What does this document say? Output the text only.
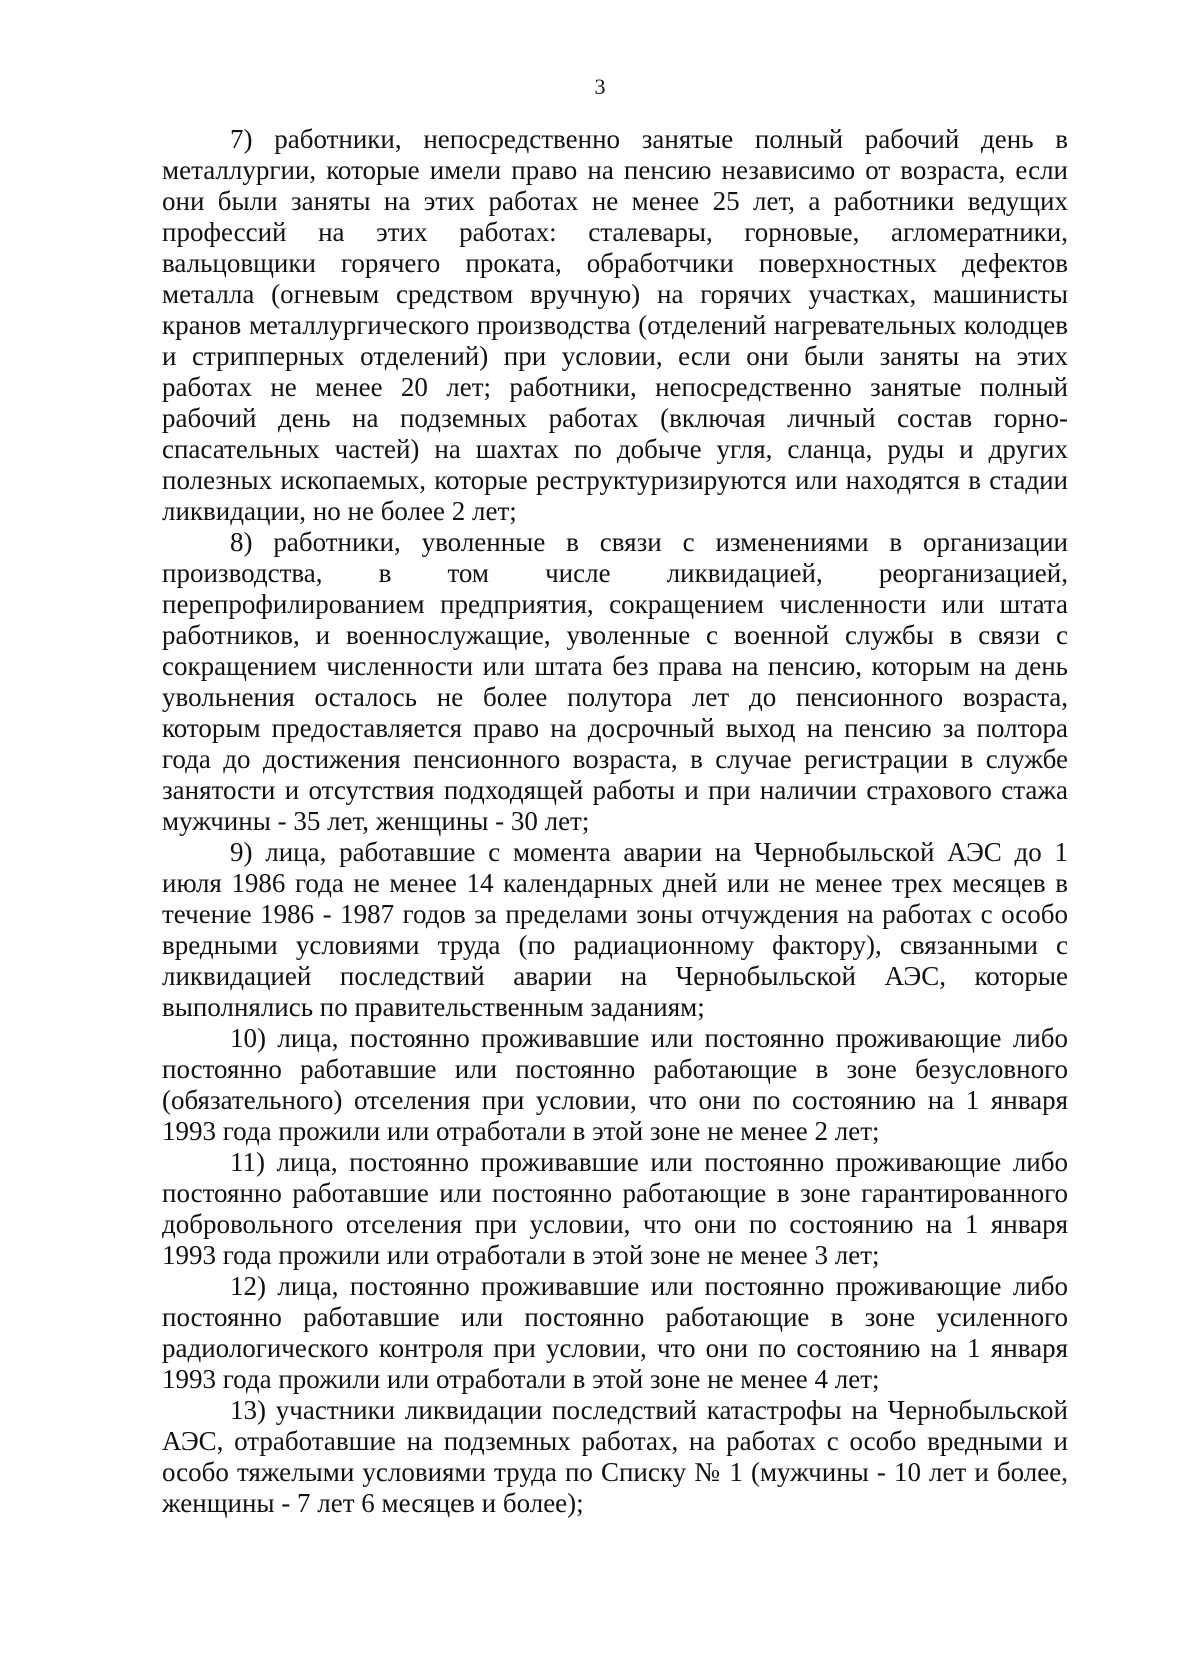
3

7) работники, непосредственно занятые полный рабочий день в металлургии, которые имели право на пенсию независимо от возраста, если они были заняты на этих работах не менее 25 лет, а работники ведущих профессий на этих работах: сталевары, горновые, агломератники, вальцовщики горячего проката, обработчики поверхностных дефектов металла (огневым средством вручную) на горячих участках, машинисты кранов металлургического производства (отделений нагревательных колодцев и стрипперных отделений) при условии, если они были заняты на этих работах не менее 20 лет; работники, непосредственно занятые полный рабочий день на подземных работах (включая личный состав горно-спасательных частей) на шахтах по добыче угля, сланца, руды и других полезных ископаемых, которые реструктуризируются или находятся в стадии ликвидации, но не более 2 лет;

8) работники, уволенные в связи с изменениями в организации производства, в том числе ликвидацией, реорганизацией, перепрофилированием предприятия, сокращением численности или штата работников, и военнослужащие, уволенные с военной службы в связи с сокращением численности или штата без права на пенсию, которым на день увольнения осталось не более полутора лет до пенсионного возраста, которым предоставляется право на досрочный выход на пенсию за полтора года до достижения пенсионного возраста, в случае регистрации в службе занятости и отсутствия подходящей работы и при наличии страхового стажа мужчины - 35 лет, женщины - 30 лет;

9) лица, работавшие с момента аварии на Чернобыльской АЭС до 1 июля 1986 года не менее 14 календарных дней или не менее трех месяцев в течение 1986 - 1987 годов за пределами зоны отчуждения на работах с особо вредными условиями труда (по радиационному фактору), связанными с ликвидацией последствий аварии на Чернобыльской АЭС, которые выполнялись по правительственным заданиям;

10) лица, постоянно проживавшие или постоянно проживающие либо постоянно работавшие или постоянно работающие в зоне безусловного (обязательного) отселения при условии, что они по состоянию на 1 января 1993 года прожили или отработали в этой зоне не менее 2 лет;

11) лица, постоянно проживавшие или постоянно проживающие либо постоянно работавшие или постоянно работающие в зоне гарантированного добровольного отселения при условии, что они по состоянию на 1 января 1993 года прожили или отработали в этой зоне не менее 3 лет;

12) лица, постоянно проживавшие или постоянно проживающие либо постоянно работавшие или постоянно работающие в зоне усиленного радиологического контроля при условии, что они по состоянию на 1 января 1993 года прожили или отработали в этой зоне не менее 4 лет;

13) участники ликвидации последствий катастрофы на Чернобыльской АЭС, отработавшие на подземных работах, на работах с особо вредными и особо тяжелыми условиями труда по Списку № 1 (мужчины - 10 лет и более, женщины - 7 лет 6 месяцев и более);
